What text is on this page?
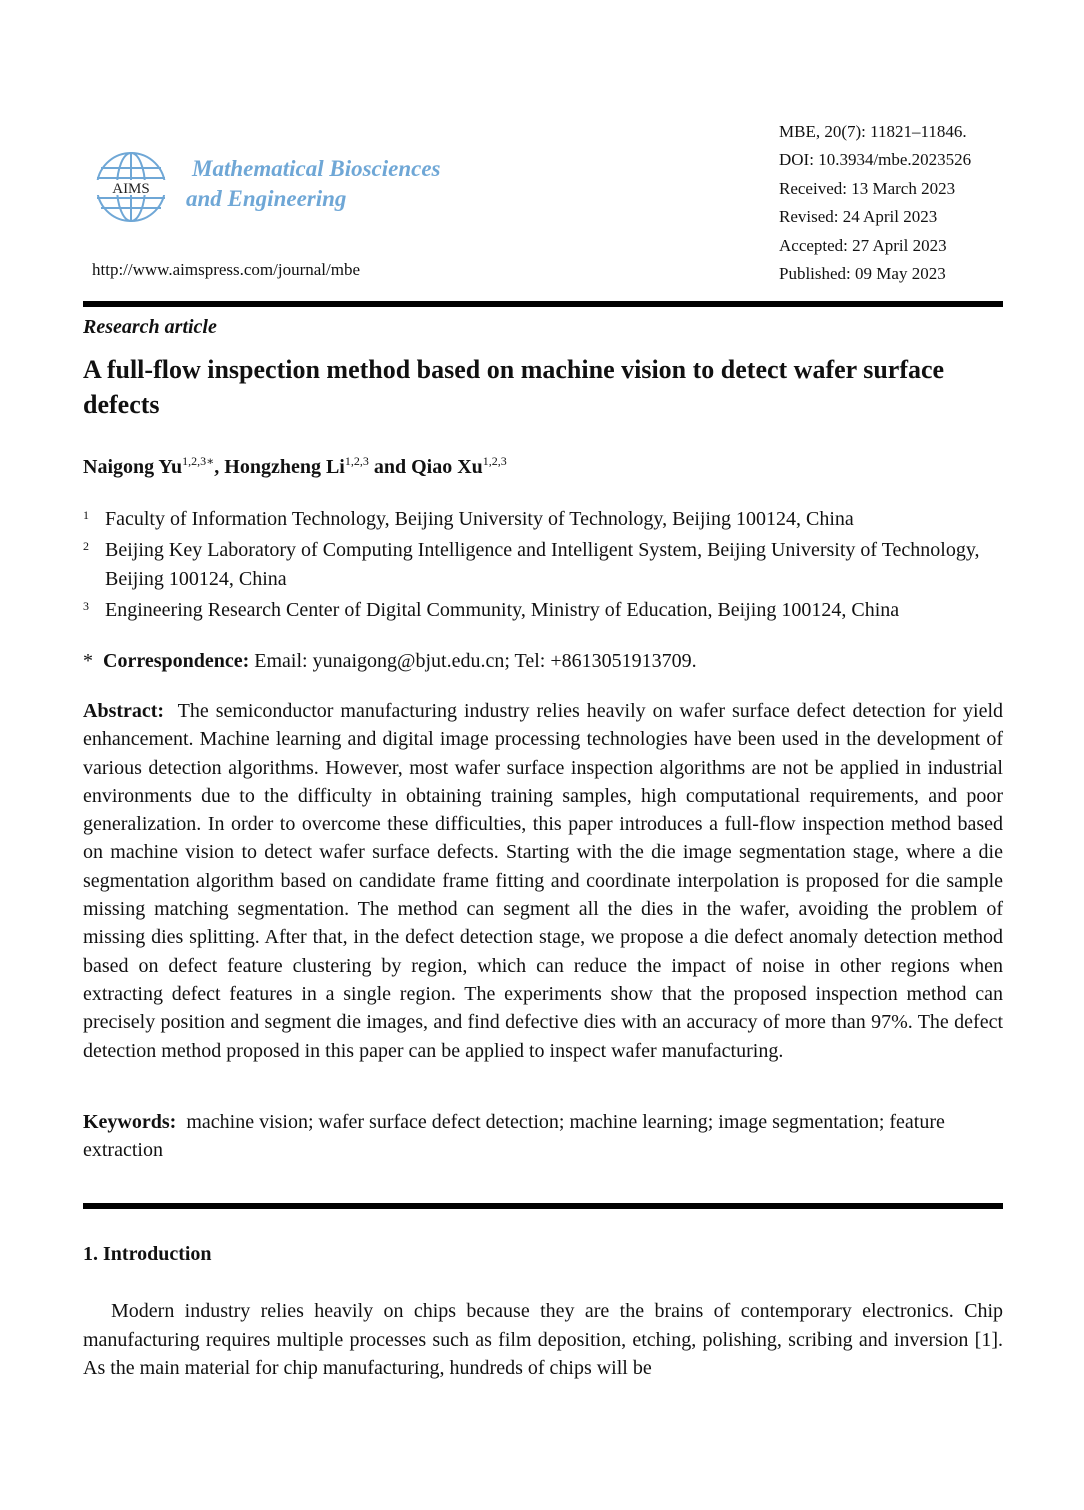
AIMS
Mathematical Biosciences
and Engineering
http://www.aimspress.com/journal/mbe
MBE, 20(7): 11821–11846.
DOI: 10.3934/mbe.2023526
Received: 13 March 2023
Revised: 24 April 2023
Accepted: 27 April 2023
Published: 09 May 2023
Research article
A full-flow inspection method based on machine vision to detect wafer surface defects
Naigong $Yu^{1,2,3∗}$, Hongzheng Li$^{1,2,3}$ and Qiao Xu$^{1,2,3}$
1 Faculty of Information Technology, Beijing University of Technology, Beijing 100124, China
2 Beijing Key Laboratory of Computing Intelligence and Intelligent System, Beijing University of Technology, Beijing 100124, China
3 Engineering Research Center of Digital Community, Ministry of Education, Beijing 100124, China
* Correspondence: Email: yunaigong@bjut.edu.cn; Tel: +8613051913709.
Abstract: The semiconductor manufacturing industry relies heavily on wafer surface defect detection for yield enhancement. Machine learning and digital image processing technologies have been used in the development of various detection algorithms. However, most wafer surface inspection algorithms are not be applied in industrial environments due to the difficulty in obtaining training samples, high computational requirements, and poor generalization. In order to overcome these difficulties, this paper introduces a full-flow inspection method based on machine vision to detect wafer surface defects. Starting with the die image segmentation stage, where a die segmentation algorithm based on candidate frame fitting and coordinate interpolation is proposed for die sample missing matching segmentation. The method can segment all the dies in the wafer, avoiding the problem of missing dies splitting. After that, in the defect detection stage, we propose a die defect anomaly detection method based on defect feature clustering by region, which can reduce the impact of noise in other regions when extracting defect features in a single region. The experiments show that the proposed inspection method can precisely position and segment die images, and find defective dies with an accuracy of more than 97%. The defect detection method proposed in this paper can be applied to inspect wafer manufacturing.
Keywords: machine vision; wafer surface defect detection; machine learning; image segmentation; feature extraction
1. Introduction
Modern industry relies heavily on chips because they are the brains of contemporary electronics. Chip manufacturing requires multiple processes such as film deposition, etching, polishing, scribing and inversion [1]. As the main material for chip manufacturing, hundreds of chips will be
